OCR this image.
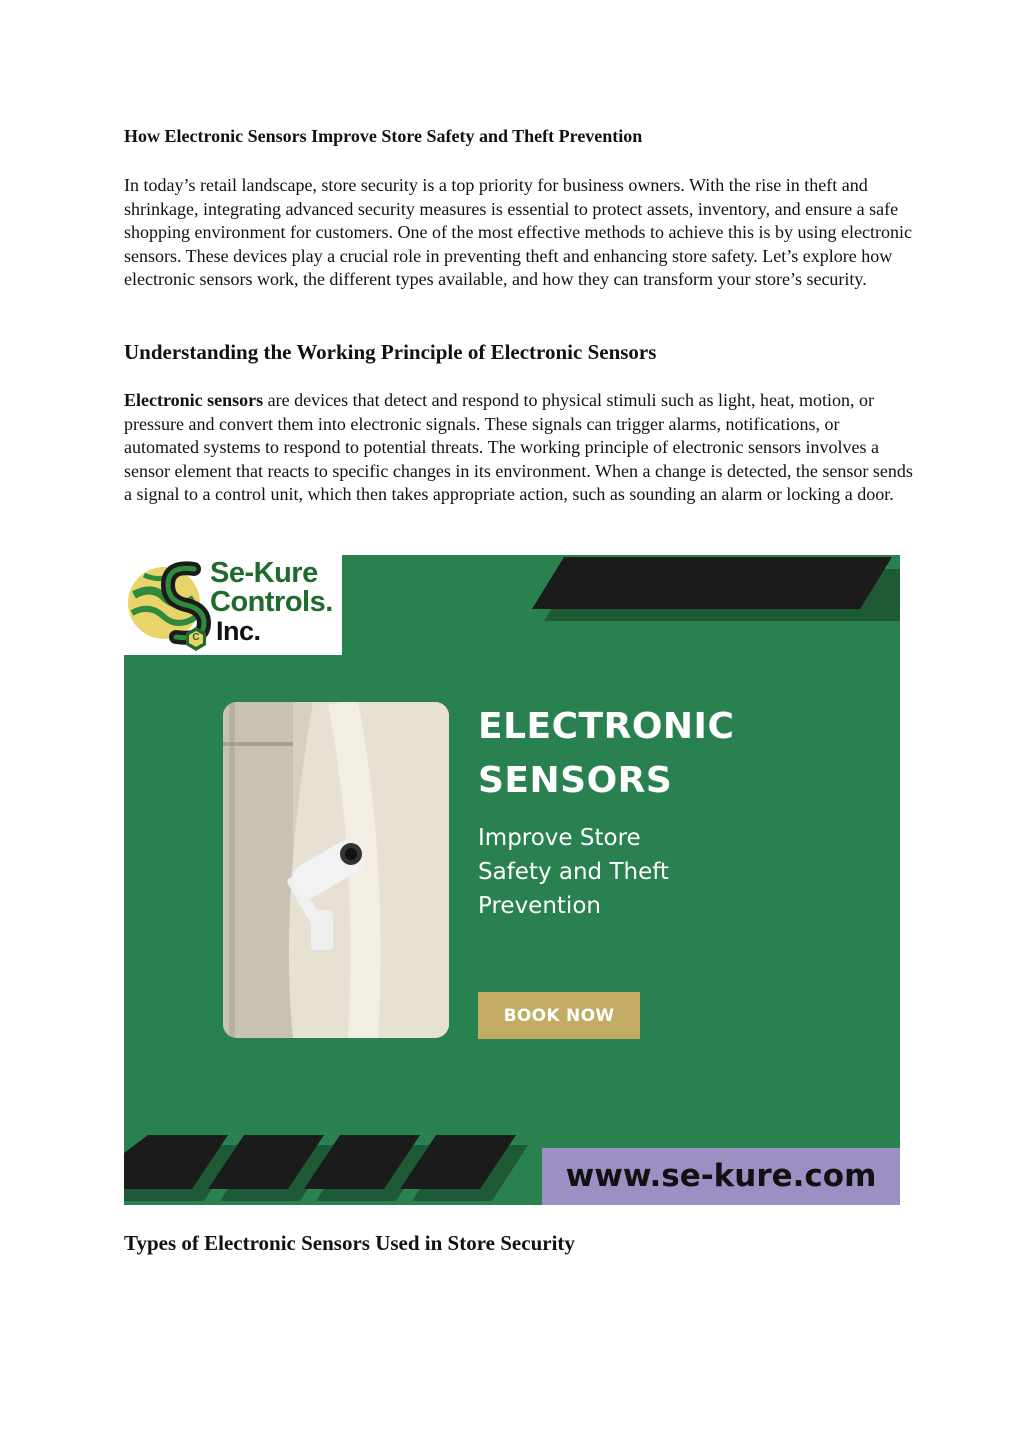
How Electronic Sensors Improve Store Safety and Theft Prevention

In today’s retail landscape, store security is a top priority for business owners. With the rise in theft and shrinkage, integrating advanced security measures is essential to protect assets, inventory, and ensure a safe shopping environment for customers. One of the most effective methods to achieve this is by using electronic sensors. These devices play a crucial role in preventing theft and enhancing store safety. Let’s explore how electronic sensors work, the different types available, and how they can transform your store’s security.

Understanding the Working Principle of Electronic Sensors

Electronic sensors are devices that detect and respond to physical stimuli such as light, heat, motion, or pressure and convert them into electronic signals. These signals can trigger alarms, notifications, or automated systems to respond to potential threats. The working principle of electronic sensors involves a sensor element that reacts to specific changes in its environment. When a change is detected, the sensor sends a signal to a control unit, which then takes appropriate action, such as sounding an alarm or locking a door.

C
Se-Kure
Controls.
Inc.
ELECTRONIC
SENSORS

Improve Store
Safety and Theft
Prevention

BOOK NOW
www.se-kure.com
Types of Electronic Sensors Used in Store Security
